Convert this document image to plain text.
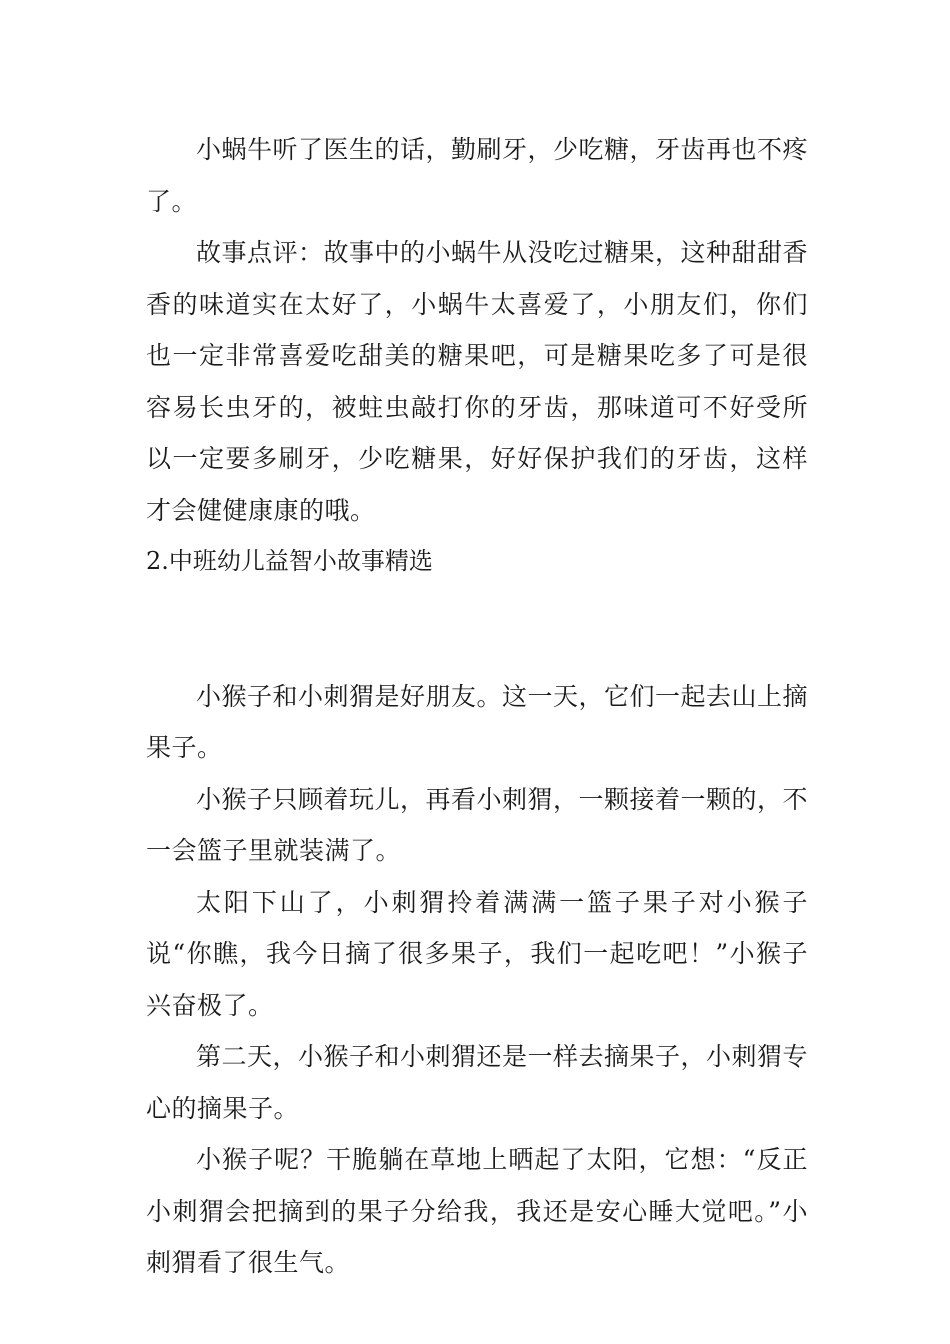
小蜗牛听了医生的话，勤刷牙，少吃糖，牙齿再也不疼了。

故事点评：故事中的小蜗牛从没吃过糖果，这种甜甜香香的味道实在太好了，小蜗牛太喜爱了，小朋友们，你们也一定非常喜爱吃甜美的糖果吧，可是糖果吃多了可是很容易长虫牙的，被蛀虫敲打你的牙齿，那味道可不好受所以一定要多刷牙，少吃糖果，好好保护我们的牙齿，这样才会健健康康的哦。

2.中班幼儿益智小故事精选

小猴子和小刺猬是好朋友。这一天，它们一起去山上摘果子。

小猴子只顾着玩儿，再看小刺猬，一颗接着一颗的，不一会篮子里就装满了。

太阳下山了，小刺猬拎着满满一篮子果子对小猴子说“你瞧，我今日摘了很多果子，我们一起吃吧！”小猴子兴奋极了。

第二天，小猴子和小刺猬还是一样去摘果子，小刺猬专心的摘果子。

小猴子呢？干脆躺在草地上晒起了太阳，它想：“反正小刺猬会把摘到的果子分给我，我还是安心睡大觉吧。”小刺猬看了很生气。
